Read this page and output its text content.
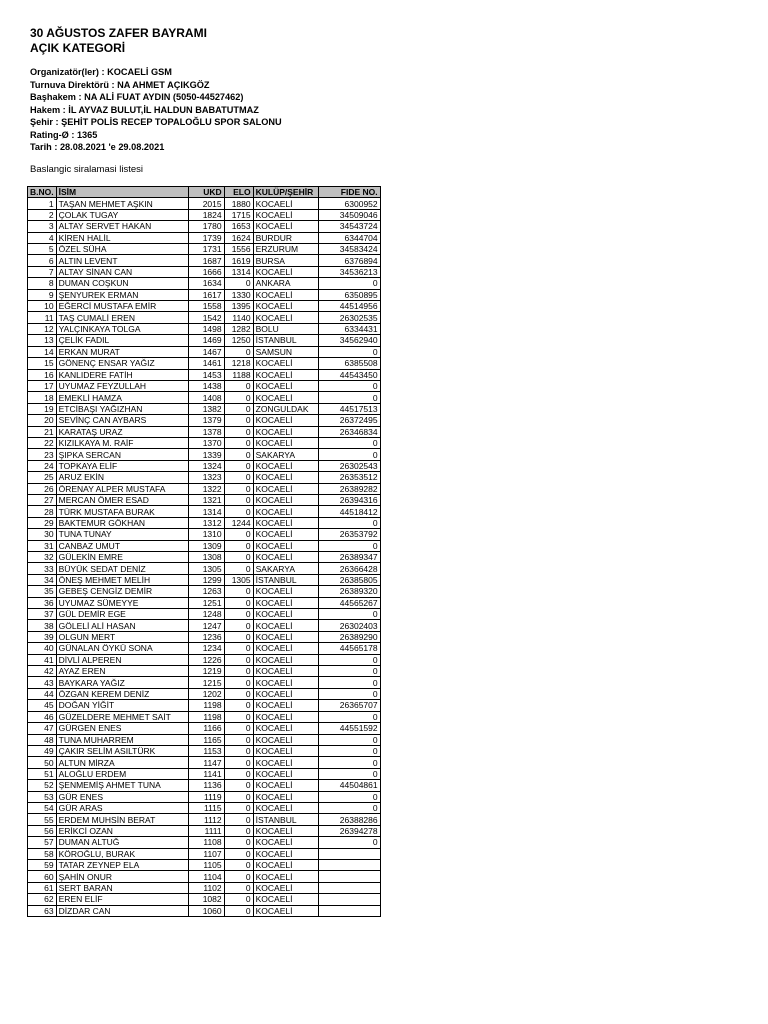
30 AĞUSTOS ZAFER BAYRAMI
AÇIK KATEGORİ
Organizatör(ler) : KOCAELİ GSM
Turnuva Direktörü : NA AHMET AÇIKGÖZ
Başhakem : NA ALİ FUAT AYDIN (5050-44527462)
Hakem : İL AYVAZ BULUT,İL HALDUN BABATUTMAZ
Şehir : ŞEHİT POLİS RECEP TOPALOĞLU SPOR SALONU
Rating-Ø : 1365
Tarih : 28.08.2021 'e 29.08.2021
Baslangic siralamasi listesi
B.NO.	İSİM	UKD	ELO	KULÜP/ŞEHİR	FIDE NO.
1	TAŞAN MEHMET AŞKIN	2015	1880	KOCAELİ	6300952
2	ÇOLAK TUGAY	1824	1715	KOCAELİ	34509046
3	ALTAY SERVET HAKAN	1780	1653	KOCAELİ	34543724
4	KİREN HALİL	1739	1624	BURDUR	6344704
5	ÖZEL SÜHA	1731	1556	ERZURUM	34583424
6	ALTIN LEVENT	1687	1619	BURSA	6376894
7	ALTAY SİNAN CAN	1666	1314	KOCAELİ	34536213
8	DUMAN COŞKUN	1634	0	ANKARA	0
9	ŞENYUREK ERMAN	1617	1330	KOCAELİ	6350895
10	EĞERCİ MUSTAFA EMİR	1558	1395	KOCAELİ	44514956
11	TAŞ CUMALİ EREN	1542	1140	KOCAELİ	26302535
12	YALÇINKAYA TOLGA	1498	1282	BOLU	6334431
13	ÇELİK FADIL	1469	1250	İSTANBUL	34562940
14	ERKAN MURAT	1467	0	SAMSUN	0
15	GÖNENÇ ENSAR YAĞIZ	1461	1218	KOCAELİ	6385508
16	KANLIDERE FATİH	1453	1188	KOCAELİ	44543450
17	UYUMAZ FEYZULLAH	1438	0	KOCAELİ	0
18	EMEKLİ HAMZA	1408	0	KOCAELİ	0
19	ETCİBAŞI YAĞIZHAN	1382	0	ZONGULDAK	44517513
20	SEVİNÇ CAN AYBARS	1379	0	KOCAELİ	26372495
21	KARATAŞ URAZ	1378	0	KOCAELİ	26346834
22	KIZILKAYA M. RAİF	1370	0	KOCAELİ	0
23	ŞIPKA SERCAN	1339	0	SAKARYA	0
24	TOPKAYA ELİF	1324	0	KOCAELİ	26302543
25	ARUZ EKİN	1323	0	KOCAELİ	26353512
26	ÖRENAY ALPER MUSTAFA	1322	0	KOCAELİ	26389282
27	MERCAN ÖMER ESAD	1321	0	KOCAELİ	26394316
28	TÜRK MUSTAFA BURAK	1314	0	KOCAELİ	44518412
29	BAKTEMUR GÖKHAN	1312	1244	KOCAELİ	0
30	TUNA TUNAY	1310	0	KOCAELİ	26353792
31	CANBAZ UMUT	1309	0	KOCAELİ	0
32	GÜLEKİN EMRE	1308	0	KOCAELİ	26389347
33	BÜYÜK SEDAT DENİZ	1305	0	SAKARYA	26366428
34	ÖNEŞ MEHMET MELİH	1299	1305	İSTANBUL	26385805
35	GEBEŞ CENGİZ DEMİR	1263	0	KOCAELİ	26389320
36	UYUMAZ SÜMEYYE	1251	0	KOCAELİ	44565267
37	GÜL DEMİR EGE	1248	0	KOCAELİ	0
38	GÖLELİ ALİ HASAN	1247	0	KOCAELİ	26302403
39	OLGUN MERT	1236	0	KOCAELİ	26389290
40	GÜNALAN ÖYKÜ SONA	1234	0	KOCAELİ	44565178
41	DİVLİ ALPEREN	1226	0	KOCAELİ	0
42	AYAZ EREN	1219	0	KOCAELİ	0
43	BAYKARA YAĞIZ	1215	0	KOCAELİ	0
44	ÖZGAN KEREM DENİZ	1202	0	KOCAELİ	0
45	DOĞAN YİĞİT	1198	0	KOCAELİ	26365707
46	GÜZELDERE MEHMET SAİT	1198	0	KOCAELİ	0
47	GÜRGEN ENES	1166	0	KOCAELİ	44551592
48	TUNA MUHARREM	1165	0	KOCAELİ	0
49	ÇAKIR SELİM ASILTÜRK	1153	0	KOCAELİ	0
50	ALTUN MİRZA	1147	0	KOCAELİ	0
51	ALOĞLU ERDEM	1141	0	KOCAELİ	0
52	ŞENMEMİŞ AHMET TUNA	1136	0	KOCAELİ	44504861
53	GÜR ENES	1119	0	KOCAELİ	0
54	GÜR ARAS	1115	0	KOCAELİ	0
55	ERDEM MUHSİN BERAT	1112	0	İSTANBUL	26388286
56	ERİKCİ OZAN	1111	0	KOCAELİ	26394278
57	DUMAN ALTUĞ	1108	0	KOCAELİ	0
58	KÖROĞLU, BURAK	1107	0	KOCAELİ	
59	TATAR ZEYNEP ELA	1105	0	KOCAELİ	
60	ŞAHİN ONUR	1104	0	KOCAELİ	
61	SERT BARAN	1102	0	KOCAELİ	
62	EREN ELİF	1082	0	KOCAELİ	
63	DİZDAR CAN	1060	0	KOCAELİ	
